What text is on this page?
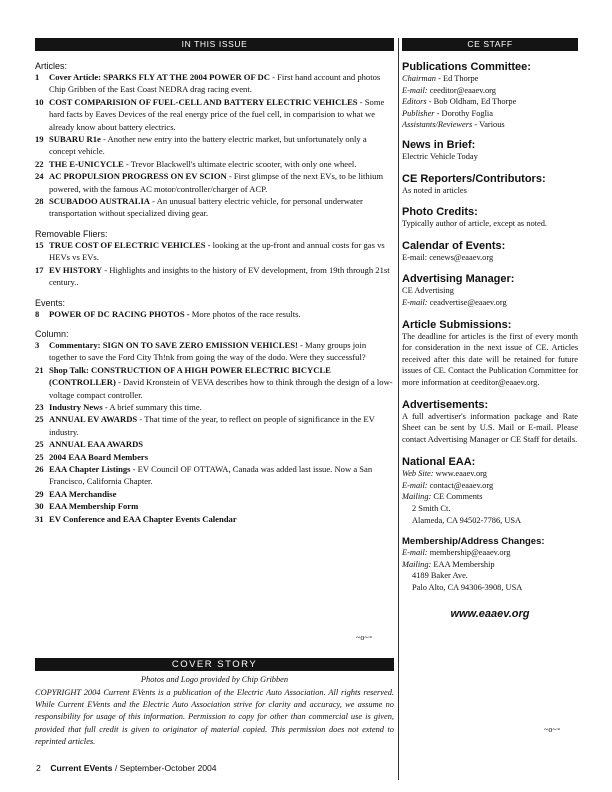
IN THIS ISSUE

Articles:

1 Cover Article: SPARKS FLY AT THE 2004 POWER OF DC - First hand account and photos Chip Gribben of the East Coast NEDRA drag racing event.
10 COST COMPARISION OF FUEL-CELL AND BATTERY ELECTRIC VEHICLES - Some hard facts by Eaves Devices of the real energy price of the fuel cell, in comparision to what we already know about battery electrics.
19 SUBARU R1e - Another new entry into the battery electric market, but unfortunately only a concept vehicle.
22 THE E-UNICYCLE - Trevor Blackwell's ultimate electric scooter, with only one wheel.
24 AC PROPULSION PROGRESS ON EV SCION - First glimpse of the next EVs, to be lithium powered, with the famous AC motor/controller/charger of ACP.
28 SCUBADOO AUSTRALIA - An unusual battery electric vehicle, for personal underwater transportation without specialized diving gear.

Removable Fliers:

15 TRUE COST OF ELECTRIC VEHICLES - looking at the up-front and annual costs for gas vs HEVs vs EVs.
17 EV HISTORY - Highlights and insights to the history of EV development, from 19th through 21st century..

Events:

8 POWER OF DC RACING PHOTOS - More photos of the race results.

Column:

3 Commentary: SIGN ON TO SAVE ZERO EMISSION VEHICLES! - Many groups join together to save the Ford City Th!nk from going the way of the dodo. Were they successful?
21 Shop Talk: CONSTRUCTION OF A HIGH POWER ELECTRIC BICYCLE (CONTROLLER) - David Kronstein of VEVA describes how to think through the design of a low-voltage compact controller.
23 Industry News - A brief summary this time.
25 ANNUAL EV AWARDS - That time of the year, to reflect on people of significance in the EV industry.
25 ANNUAL EAA AWARDS
25 2004 EAA Board Members
26 EAA Chapter Listings - EV Council OF OTTAWA, Canada was added last issue. Now a San Francisco, California Chapter.
29 EAA Merchandise
30 EAA Membership Form
31 EV Conference and EAA Chapter Events Calendar
COVER STORY

Photos and Logo provided by Chip Gribben

COPYRIGHT 2004 Current EVents is a publication of the Electric Auto Association. All rights reserved. While Current EVents and the Electric Auto Association strive for clarity and accuracy, we assume no responsibility for usage of this information. Permission to copy for other than commercial use is given, provided that full credit is given to originator of material copied. This permission does not extend to reprinted articles.

~o~⁃
~o~⁃
CE STAFF

Publications Committee:

Chairman - Ed Thorpe

E-mail: ceeditor@eaaev.org

Editors - Bob Oldham, Ed Thorpe

Publisher - Dorothy Foglia

Assistants/Reviewers - Various

News in Brief:

Electric Vehicle Today

CE Reporters/Contributors:

As noted in articles

Photo Credits:

Typically author of article, except as noted.

Calendar of Events:

E-mail: cenews@eaaev.org

Advertising Manager:

CE Advertising

E-mail: ceadvertise@eaaev.org

Article Submissions:

The deadline for articles is the first of every month for consideration in the next issue of CE. Articles received after this date will be retained for future issues of CE. Contact the Publication Committee for more information at ceeditor@eaaev.org.

Advertisements:

A full advertiser's information package and Rate Sheet can be sent by U.S. Mail or E-mail. Please contact Advertising Manager or CE Staff for details.

National EAA:

Web Site: www.eaaev.org

E-mail: contact@eaaev.org

Mailing: CE Comments

2 Smith Ct.

Alameda, CA 94502-7786, USA

Membership/Address Changes:

E-mail: membership@eaaev.org

Mailing: EAA Membership

4189 Baker Ave.

Palo Alto, CA 94306-3908, USA

www.eaaev.org

2 Current EVents / September-October 2004
